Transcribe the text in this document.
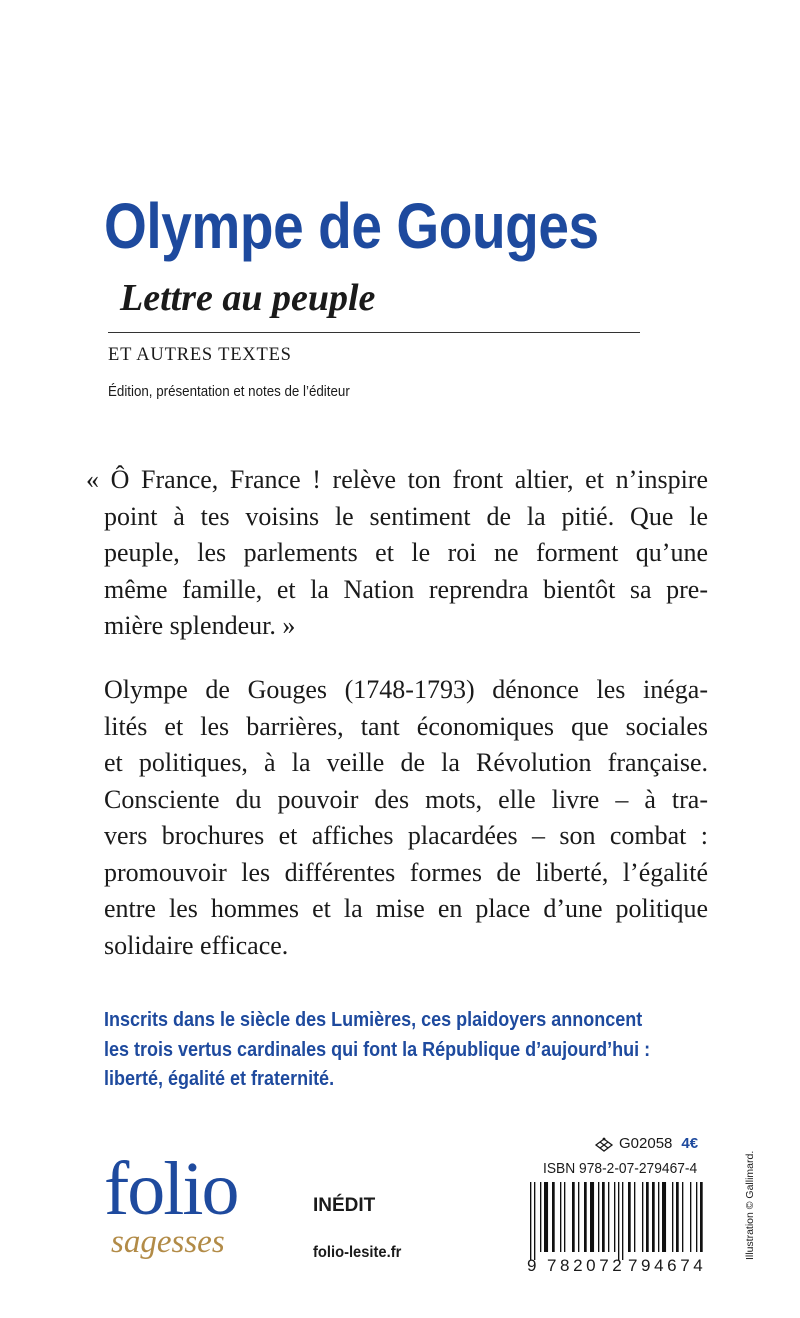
Olympe de Gouges
Lettre au peuple
ET AUTRES TEXTES
Édition, présentation et notes de l’éditeur
« Ô France, France ! relève ton front altier, et n’inspire
point à tes voisins le sentiment de la pitié. Que le
peuple, les parlements et le roi ne forment qu’une
même famille, et la Nation reprendra bientôt sa pre-
mière splendeur. »
Olympe de Gouges (1748-1793) dénonce les inéga-
lités et les barrières, tant économiques que sociales
et politiques, à la veille de la Révolution française.
Consciente du pouvoir des mots, elle livre – à tra-
vers brochures et affiches placardées – son combat :
promouvoir les différentes formes de liberté, l’égalité
entre les hommes et la mise en place d’une politique
solidaire efficace.
Inscrits dans le siècle des Lumières, ces plaidoyers annoncent
les trois vertus cardinales qui font la République d’aujourd’hui :
liberté, égalité et fraternité.
folio
sagesses
INÉDIT
folio-lesite.fr
G02058 4€
ISBN 978-2-07-279467-4
9 782072 794674
Illustration © Gallimard.
